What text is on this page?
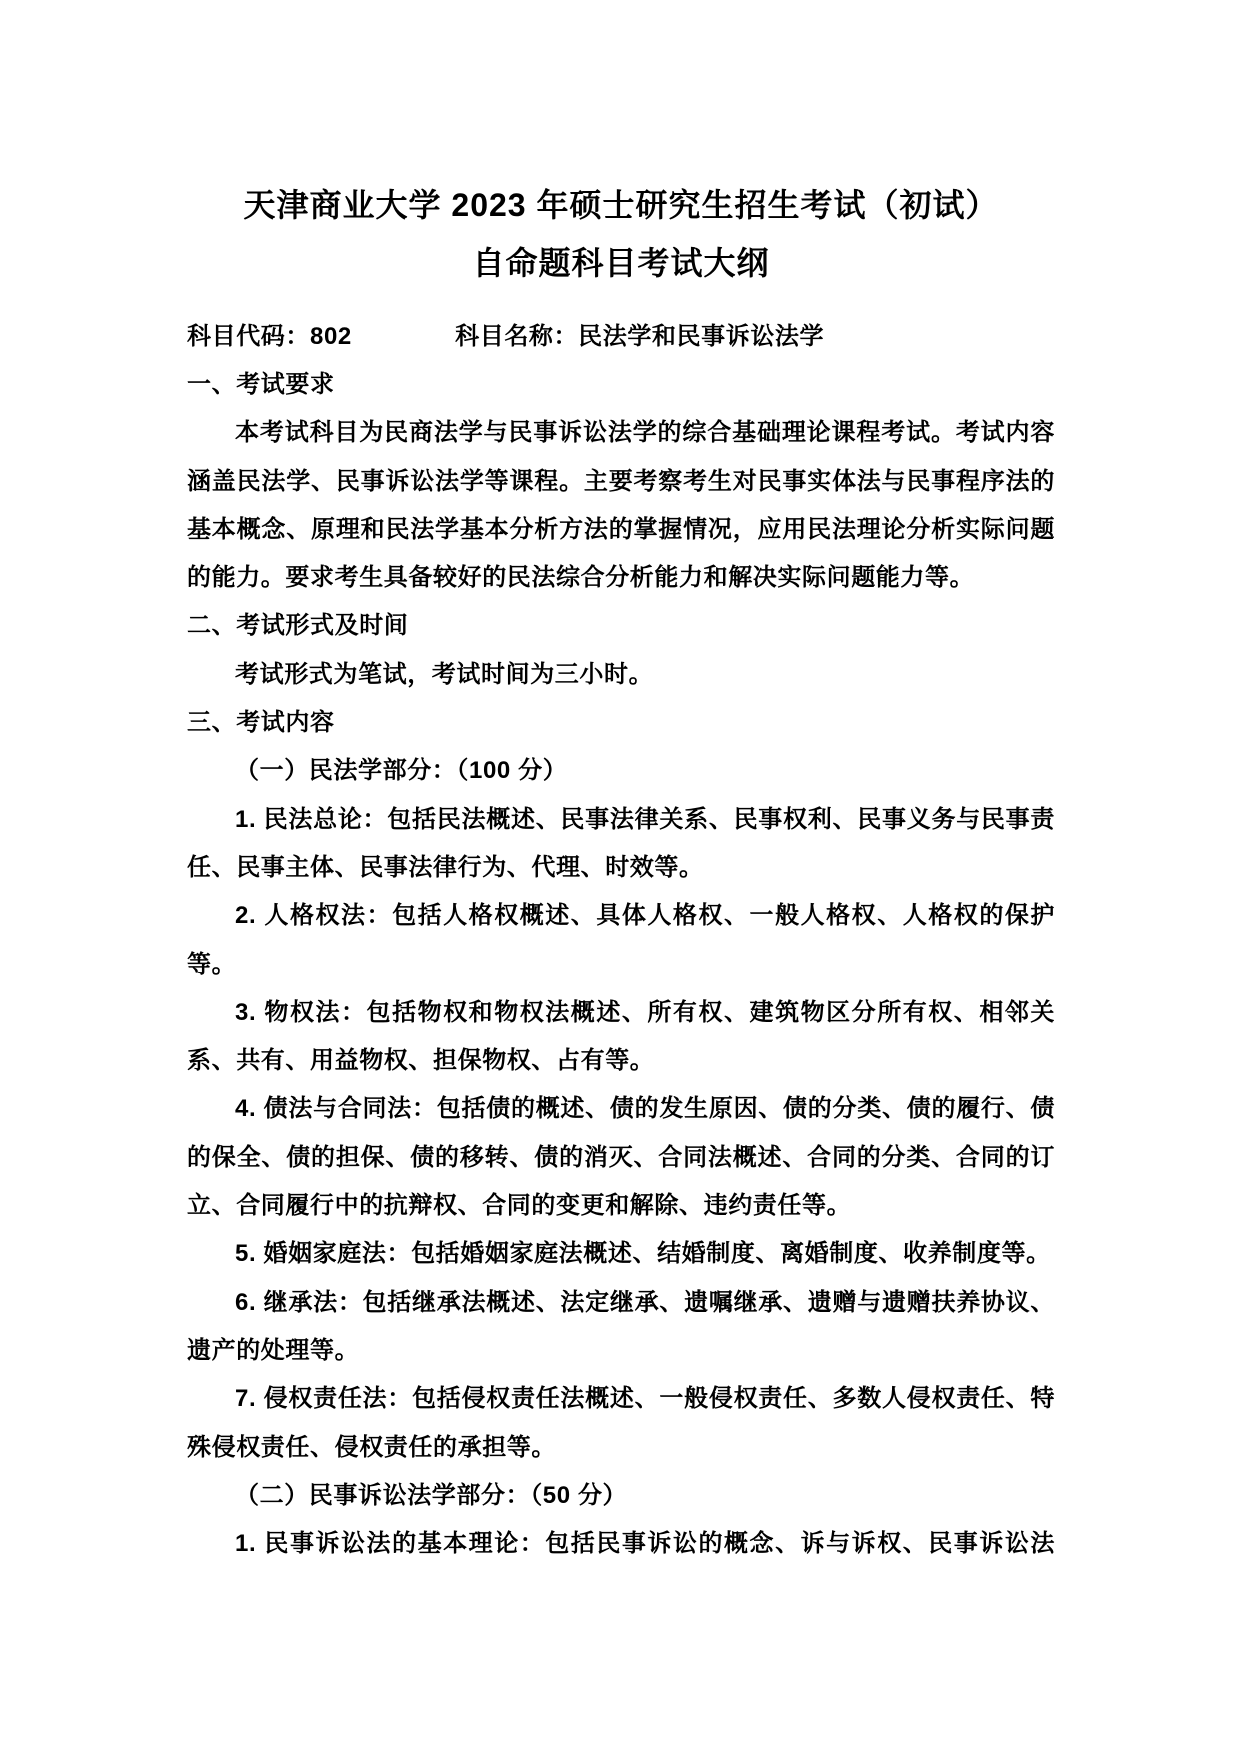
天津商业大学 2023 年硕士研究生招生考试（初试）
自命题科目考试大纲
科目代码：802	科目名称：民法学和民事诉讼法学

一、考试要求

本考试科目为民商法学与民事诉讼法学的综合基础理论课程考试。考试内容涵盖民法学、民事诉讼法学等课程。主要考察考生对民事实体法与民事程序法的基本概念、原理和民法学基本分析方法的掌握情况，应用民法理论分析实际问题的能力。要求考生具备较好的民法综合分析能力和解决实际问题能力等。

二、考试形式及时间

考试形式为笔试，考试时间为三小时。

三、考试内容

（一）民法学部分：（100 分）

1. 民法总论：包括民法概述、民事法律关系、民事权利、民事义务与民事责任、民事主体、民事法律行为、代理、时效等。

2. 人格权法：包括人格权概述、具体人格权、一般人格权、人格权的保护等。

3. 物权法：包括物权和物权法概述、所有权、建筑物区分所有权、相邻关系、共有、用益物权、担保物权、占有等。

4. 债法与合同法：包括债的概述、债的发生原因、债的分类、债的履行、债的保全、债的担保、债的移转、债的消灭、合同法概述、合同的分类、合同的订立、合同履行中的抗辩权、合同的变更和解除、违约责任等。

5. 婚姻家庭法：包括婚姻家庭法概述、结婚制度、离婚制度、收养制度等。

6. 继承法：包括继承法概述、法定继承、遗嘱继承、遗赠与遗赠扶养协议、遗产的处理等。

7. 侵权责任法：包括侵权责任法概述、一般侵权责任、多数人侵权责任、特殊侵权责任、侵权责任的承担等。

（二）民事诉讼法学部分：（50 分）

1. 民事诉讼法的基本理论：包括民事诉讼的概念、诉与诉权、民事诉讼法
